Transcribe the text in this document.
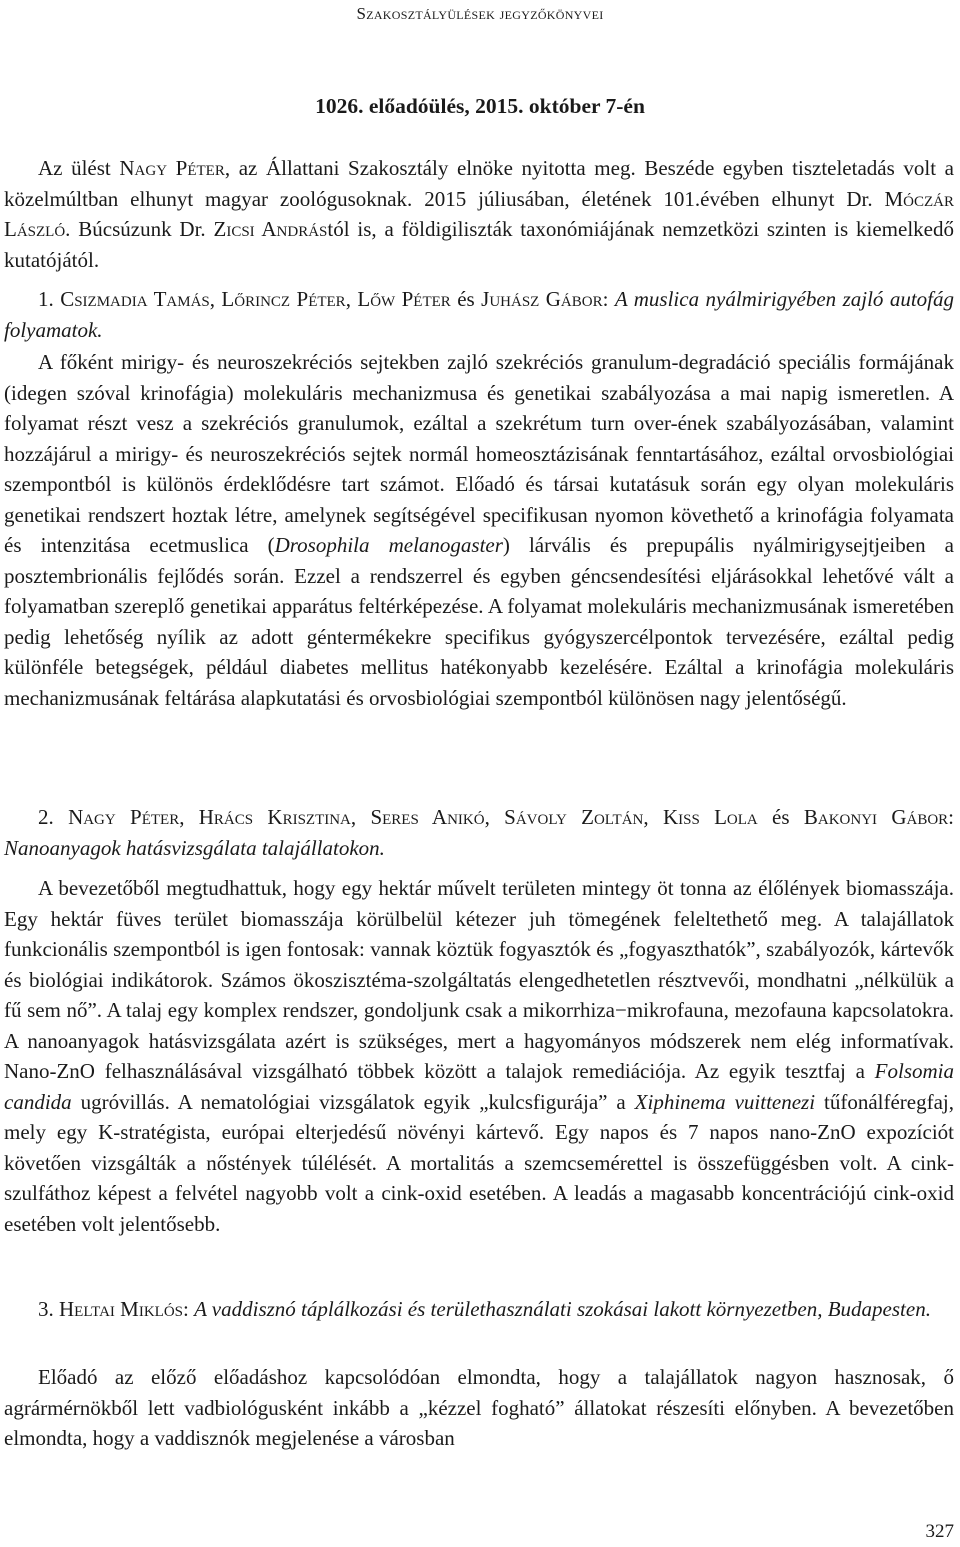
Szakosztályülések jegyzőkönyvei
1026. előadóülés, 2015. október 7-én

Az ülést Nagy Péter, az Állattani Szakosztály elnöke nyitotta meg. Beszéde egyben tiszteletadás volt a közelmúltban elhunyt magyar zoológusoknak. 2015 júliusában, életének 101.évében elhunyt Dr. Móczár László. Búcsúzunk Dr. Zicsi Andrástól is, a földigiliszták taxonómiájának nemzetközi szinten is kiemelkedő kutatójától.

1. Csizmadia Tamás, Lőrincz Péter, Lőw Péter és Juhász Gábor: A muslica nyálmirigyében zajló autofág folyamatok.

A főként mirigy- és neuroszekréciós sejtekben zajló szekréciós granulum-degradáció speciális formájának (idegen szóval krinofágia) molekuláris mechanizmusa és genetikai szabályozása a mai napig ismeretlen. A folyamat részt vesz a szekréciós granulumok, ezáltal a szekrétum turn over-ének szabályozásában, valamint hozzájárul a mirigy- és neuroszekréciós sejtek normál homeosztázisának fenntartásához, ezáltal orvosbiológiai szempontból is különös érdeklődésre tart számot. Előadó és társai kutatásuk során egy olyan molekuláris genetikai rendszert hoztak létre, amelynek segítségével specifikusan nyomon követhető a krinofágia folyamata és intenzitása ecetmuslica (Drosophila melanogaster) lárvális és prepupális nyálmirigysejtjeiben a posztembrionális fejlődés során. Ezzel a rendszerrel és egyben géncsendesítési eljárásokkal lehetővé vált a folyamatban szereplő genetikai apparátus feltérképezése. A folyamat molekuláris mechanizmusának ismeretében pedig lehetőség nyílik az adott géntermékekre specifikus gyógyszercélpontok tervezésére, ezáltal pedig különféle betegségek, például diabetes mellitus hatékonyabb kezelésére. Ezáltal a krinofágia molekuláris mechanizmusának feltárása alapkutatási és orvosbiológiai szempontból különösen nagy jelentőségű.

2. Nagy Péter, Hrács Krisztina, Seres Anikó, Sávoly Zoltán, Kiss Lola és Bakonyi Gábor: Nanoanyagok hatásvizsgálata talajállatokon.

A bevezetőből megtudhattuk, hogy egy hektár művelt területen mintegy öt tonna az élőlények biomasszája. Egy hektár füves terület biomasszája körülbelül kétezer juh tömegének feleltethető meg. A talajállatok funkcionális szempontból is igen fontosak: vannak köztük fogyasztók és „fogyaszthatók”, szabályozók, kártevők és biológiai indikátorok. Számos ökoszisztéma-szolgáltatás elengedhetetlen résztvevői, mondhatni „nélkülük a fű sem nő”. A talaj egy komplex rendszer, gondoljunk csak a mikorrhiza−mikrofauna, mezofauna kapcsolatokra. A nanoanyagok hatásvizsgálata azért is szükséges, mert a hagyományos módszerek nem elég informatívak. Nano-ZnO felhasználásával vizsgálható többek között a talajok remediációja. Az egyik tesztfaj a Folsomia candida ugróvillás. A nematológiai vizsgálatok egyik „kulcsfigurája” a Xiphinema vuittenezi tűfonálféregfaj, mely egy K-stratégista, európai elterjedésű növényi kártevő. Egy napos és 7 napos nano-ZnO expozíciót követően vizsgálták a nőstények túlélését. A mortalitás a szemcsemérettel is összefüggésben volt. A cink-szulfáthoz képest a felvétel nagyobb volt a cink-oxid esetében. A leadás a magasabb koncentrációjú cink-oxid esetében volt jelentősebb.

3. Heltai Miklós: A vaddisznó táplálkozási és területhasználati szokásai lakott környezetben, Budapesten.

Előadó az előző előadáshoz kapcsolódóan elmondta, hogy a talajállatok nagyon hasznosak, ő agrármérnökből lett vadbiológusként inkább a „kézzel fogható” állatokat részesíti előnyben. A bevezetőben elmondta, hogy a vaddisznók megjelenése a városban

327
